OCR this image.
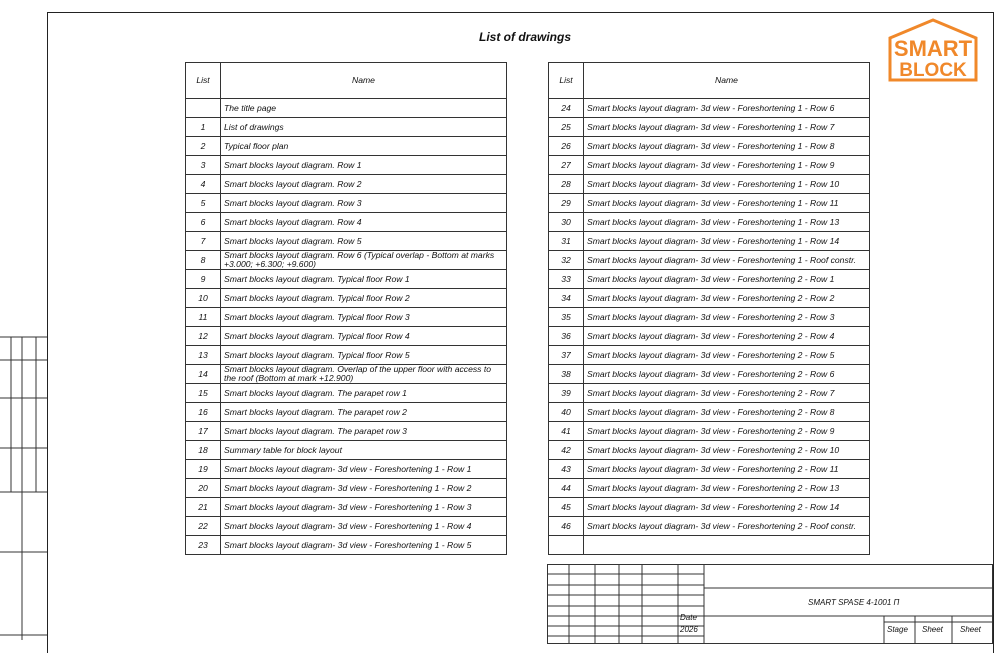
List of drawings	SMART
BLOCK
List	Name
	The title page
1	List of drawings
2	Typical floor plan
3	Smart blocks layout diagram. Row 1
4	Smart blocks layout diagram. Row 2
5	Smart blocks layout diagram. Row 3
6	Smart blocks layout diagram. Row 4
7	Smart blocks layout diagram. Row 5
8	Smart blocks layout diagram. Row 6 (Typical overlap - Bottom at marks +3.000; +6.300; +9.600)
9	Smart blocks layout diagram. Typical floor Row 1
10	Smart blocks layout diagram. Typical floor Row 2
11	Smart blocks layout diagram. Typical floor Row 3
12	Smart blocks layout diagram. Typical floor Row 4
13	Smart blocks layout diagram. Typical floor Row 5
14	Smart blocks layout diagram. Overlap of the upper floor with access to the roof (Bottom at mark +12.900)
15	Smart blocks layout diagram. The parapet row 1
16	Smart blocks layout diagram. The parapet row 2
17	Smart blocks layout diagram. The parapet row 3
18	Summary table for block layout
19	Smart blocks layout diagram- 3d view - Foreshortening 1 - Row 1
20	Smart blocks layout diagram- 3d view - Foreshortening 1 - Row 2
21	Smart blocks layout diagram- 3d view - Foreshortening 1 - Row 3
22	Smart blocks layout diagram- 3d view - Foreshortening 1 - Row 4
23	Smart blocks layout diagram- 3d view - Foreshortening 1 - Row 5
List	Name
24	Smart blocks layout diagram- 3d view - Foreshortening 1 - Row 6
25	Smart blocks layout diagram- 3d view - Foreshortening 1 - Row 7
26	Smart blocks layout diagram- 3d view - Foreshortening 1 - Row 8
27	Smart blocks layout diagram- 3d view - Foreshortening 1 - Row 9
28	Smart blocks layout diagram- 3d view - Foreshortening 1 - Row 10
29	Smart blocks layout diagram- 3d view - Foreshortening 1 - Row 11
30	Smart blocks layout diagram- 3d view - Foreshortening 1 - Row 13
31	Smart blocks layout diagram- 3d view - Foreshortening 1 - Row 14
32	Smart blocks layout diagram- 3d view - Foreshortening 1 - Roof constr.
33	Smart blocks layout diagram- 3d view - Foreshortening 2 - Row 1
34	Smart blocks layout diagram- 3d view - Foreshortening 2 - Row 2
35	Smart blocks layout diagram- 3d view - Foreshortening 2 - Row 3
36	Smart blocks layout diagram- 3d view - Foreshortening 2 - Row 4
37	Smart blocks layout diagram- 3d view - Foreshortening 2 - Row 5
38	Smart blocks layout diagram- 3d view - Foreshortening 2 - Row 6
39	Smart blocks layout diagram- 3d view - Foreshortening 2 - Row 7
40	Smart blocks layout diagram- 3d view - Foreshortening 2 - Row 8
41	Smart blocks layout diagram- 3d view - Foreshortening 2 - Row 9
42	Smart blocks layout diagram- 3d view - Foreshortening 2 - Row 10
43	Smart blocks layout diagram- 3d view - Foreshortening 2 - Row 11
44	Smart blocks layout diagram- 3d view - Foreshortening 2 - Row 13
45	Smart blocks layout diagram- 3d view - Foreshortening 2 - Row 14
46	Smart blocks layout diagram- 3d view - Foreshortening 2 - Roof constr.

SMART SPASE 4-1001 П
Date
2026	Stage Sheet Sheet
